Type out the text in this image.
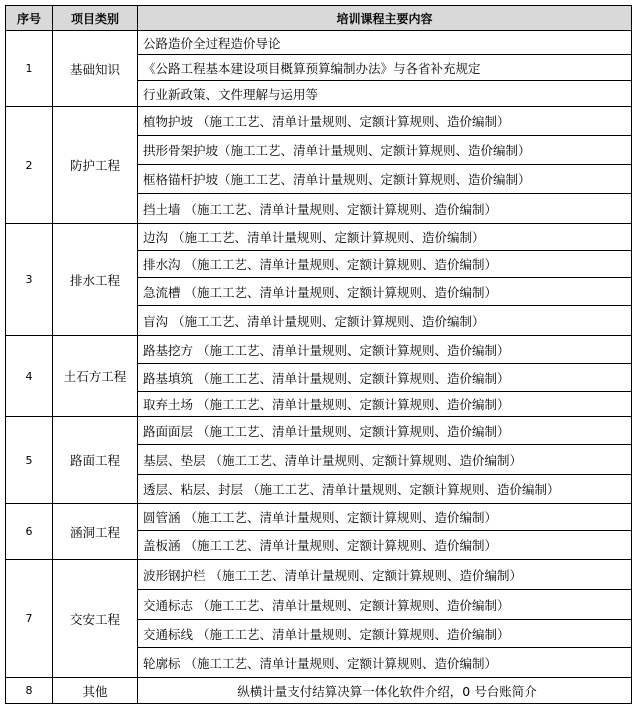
序号	项目类别	培训课程主要内容
1	基础知识	公路造价全过程造价导论
		《公路工程基本建设项目概算预算编制办法》与各省补充规定
		行业新政策、文件理解与运用等
2	防护工程	植物护坡 （施工工艺、清单计量规则、定额计算规则、造价编制）
		拱形骨架护坡（施工工艺、清单计量规则、定额计算规则、造价编制）
		框格锚杆护坡（施工工艺、清单计量规则、定额计算规则、造价编制）
		挡土墙 （施工工艺、清单计量规则、定额计算规则、造价编制）
3	排水工程	边沟 （施工工艺、清单计量规则、定额计算规则、造价编制）
		排水沟 （施工工艺、清单计量规则、定额计算规则、造价编制）
		急流槽 （施工工艺、清单计量规则、定额计算规则、造价编制）
		盲沟 （施工工艺、清单计量规则、定额计算规则、造价编制）
4	土石方工程	路基挖方 （施工工艺、清单计量规则、定额计算规则、造价编制）
		路基填筑 （施工工艺、清单计量规则、定额计算规则、造价编制）
		取弃土场 （施工工艺、清单计量规则、定额计算规则、造价编制）
5	路面工程	路面面层 （施工工艺、清单计量规则、定额计算规则、造价编制）
		基层、垫层 （施工工艺、清单计量规则、定额计算规则、造价编制）
		透层、粘层、封层 （施工工艺、清单计量规则、定额计算规则、造价编制）
6	涵洞工程	圆管涵 （施工工艺、清单计量规则、定额计算规则、造价编制）
		盖板涵 （施工工艺、清单计量规则、定额计算规则、造价编制）
7	交安工程	波形钢护栏 （施工工艺、清单计量规则、定额计算规则、造价编制）
		交通标志 （施工工艺、清单计量规则、定额计算规则、造价编制）
		交通标线 （施工工艺、清单计量规则、定额计算规则、造价编制）
		轮廓标 （施工工艺、清单计量规则、定额计算规则、造价编制）
8	其他	纵横计量支付结算决算一体化软件介绍，0 号台账简介
